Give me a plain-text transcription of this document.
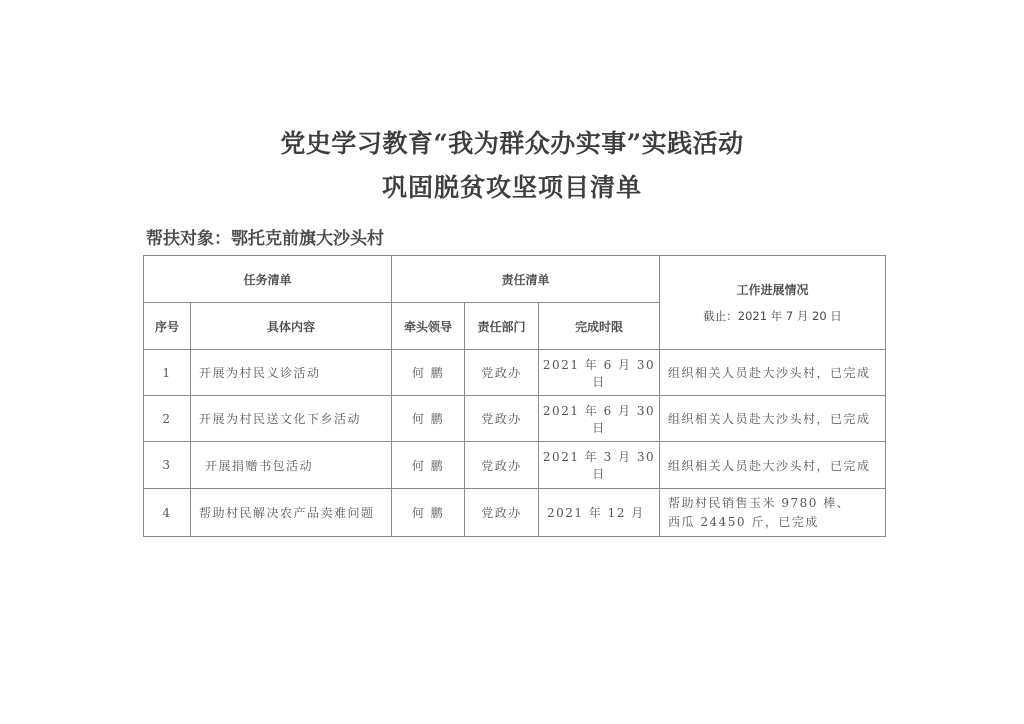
党史学习教育“我为群众办实事”实践活动
巩固脱贫攻坚项目清单
帮扶对象：鄂托克前旗大沙头村
任务清单		责任清单			工作进展情况
截止：2021 年 7 月 20 日

序号	具体内容	牵头领导	责任部门	完成时限	
1	开展为村民义诊活动	何 鹏	党政办	2021 年 6 月 30 日	组织相关人员赴大沙头村，已完成
2	开展为村民送文化下乡活动	何 鹏	党政办	2021 年 6 月 30 日	组织相关人员赴大沙头村，已完成
3	开展捐赠书包活动	何 鹏	党政办	2021 年 3 月 30 日	组织相关人员赴大沙头村，已完成
4	帮助村民解决农产品卖难问题	何 鹏	党政办	2021 年 12 月	帮助村民销售玉米 9780 棒、
西瓜 24450 斤，已完成
